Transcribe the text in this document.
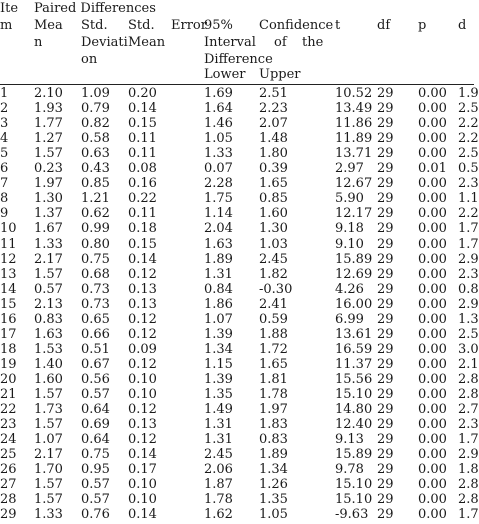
Ite
m
Paired Differences
Mea
n
Std.
Deviati
on
Std. Error
Mean
95% Confidence
Interval of the
Difference
Lower Upper
t	df p d
1 2.10 1.09 0.20	1.69 2.51	10.52 29 0.00 1.9
2 1.93 0.79 0.14	1.64 2.23	13.49 29 0.00 2.5
3 1.77 0.82 0.15	1.46 2.07	11.86 29 0.00 2.2
4 1.27 0.58 0.11	1.05 1.48	11.89 29 0.00 2.2
5 1.57 0.63 0.11	1.33 1.80	13.71 29 0.00 2.5
6 0.23 0.43 0.08	0.07 0.39	2.97 29 0.01 0.5
7 1.97 0.85 0.16	2.28 1.65	12.67 29 0.00 2.3
8 1.30 1.21 0.22	1.75 0.85	5.90 29 0.00 1.1
9 1.37 0.62 0.11	1.14 1.60	12.17 29 0.00 2.2
10 1.67 0.99 0.18	2.04 1.30	9.18 29 0.00 1.7
11 1.33 0.80 0.15	1.63 1.03	9.10 29 0.00 1.7
12 2.17 0.75 0.14	1.89 2.45	15.89 29 0.00 2.9
13 1.57 0.68 0.12	1.31 1.82	12.69 29 0.00 2.3
14 0.57 0.73 0.13	0.84 -0.30	4.26 29 0.00 0.8
15 2.13 0.73 0.13	1.86 2.41	16.00 29 0.00 2.9
16 0.83 0.65 0.12	1.07 0.59	6.99 29 0.00 1.3
17 1.63 0.66 0.12	1.39 1.88	13.61 29 0.00 2.5
18 1.53 0.51 0.09	1.34 1.72	16.59 29 0.00 3.0
19 1.40 0.67 0.12	1.15 1.65	11.37 29 0.00 2.1
20 1.60 0.56 0.10	1.39 1.81	15.56 29 0.00 2.8
21 1.57 0.57 0.10	1.35 1.78	15.10 29 0.00 2.8
22 1.73 0.64 0.12	1.49 1.97	14.80 29 0.00 2.7
23 1.57 0.69 0.13	1.31 1.83	12.40 29 0.00 2.3
24 1.07 0.64 0.12	1.31 0.83	9.13 29 0.00 1.7
25 2.17 0.75 0.14	2.45 1.89	15.89 29 0.00 2.9
26 1.70 0.95 0.17	2.06 1.34	9.78 29 0.00 1.8
27 1.57 0.57 0.10	1.87 1.26	15.10 29 0.00 2.8
28 1.57 0.57 0.10	1.78 1.35	15.10 29 0.00 2.8
29 1.33 0.76 0.14	1.62 1.05	-9.63 29 0.00 1.7
